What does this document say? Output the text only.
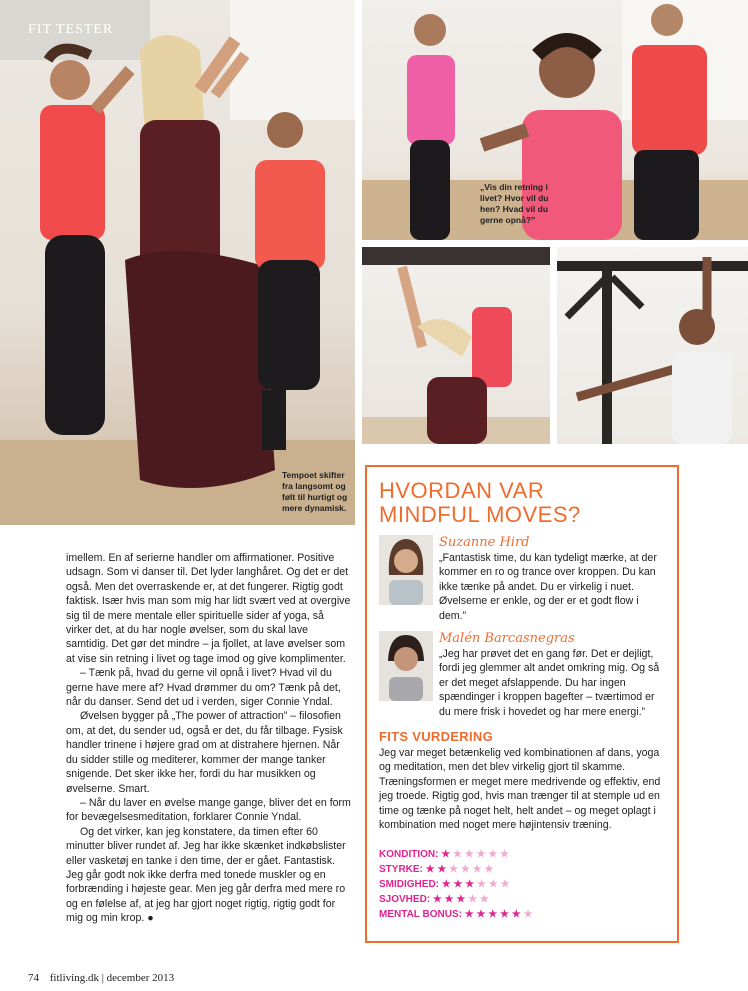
FIT TESTER
Tempoet skifter fra langsomt og følt til hurtigt og mere dynamisk.
„Vis din retning i livet? Hvor vil du hen? Hvad vil du gerne opnå?”

imellem. En af serierne handler om affirmationer. Positive udsagn. Som vi danser til. Det lyder langhåret. Og det er det også. Men det overraskende er, at det fungerer. Rigtig godt faktisk. Især hvis man som mig har lidt svært ved at overgive sig til de mere mentale eller spirituelle sider af yoga, så virker det, at du har nogle øvelser, som du skal lave samtidig. Det gør det mindre – ja fjollet, at lave øvelser som at vise sin retning i livet og tage imod og give komplimenter.

– Tænk på, hvad du gerne vil opnå i livet? Hvad vil du gerne have mere af? Hvad drømmer du om? Tænk på det, når du danser. Send det ud i verden, siger Connie Yndal.

Øvelsen bygger på „The power of attraction” – filosofien om, at det, du sender ud, også er det, du får tilbage. Fysisk handler trinene i højere grad om at distrahere hjernen. Når du sidder stille og mediterer, kommer der mange tanker snigende. Det sker ikke her, fordi du har musikken og øvelserne. Smart.

– Når du laver en øvelse mange gange, bliver det en form for bevægelsesmeditation, forklarer Connie Yndal.

Og det virker, kan jeg konstatere, da timen efter 60 minutter bliver rundet af. Jeg har ikke skænket indkøbslister eller vasketøj en tanke i den time, der er gået. Fantastisk. Jeg går godt nok ikke derfra med tonede muskler og en forbrænding i højeste gear. Men jeg går derfra med mere ro og en følelse af, at jeg har gjort noget rigtig, rigtig godt for mig og min krop. ●

HVORDAN VAR
MINDFUL MOVES?
Suzanne Hird
„Fantastisk time, du kan tydeligt mærke, at der kommer en ro og trance over kroppen. Du kan ikke tænke på andet. Du er virkelig i nuet. Øvelserne er enkle, og der er et godt flow i dem.”
Malén Barcasnegras
„Jeg har prøvet det en gang før. Det er dejligt, fordi jeg glemmer alt andet omkring mig. Og så er det meget afslappende. Du har ingen spændinger i kroppen bagefter – tværtimod er du mere frisk i hovedet og har mere energi.”
FITS VURDERING
Jeg var meget betænkelig ved kombinationen af dans, yoga og meditation, men det blev virkelig gjort til skamme. Træningsformen er meget mere medrivende og effektiv, end jeg troede. Rigtig god, hvis man trænger til at stemple ud en time og tænke på noget helt, helt andet – og meget oplagt i kombination med noget mere højintensiv træning.
KONDITION: ★ ★ ★ ★ ★ ★
STYRKE: ★ ★ ★ ★ ★ ★
SMIDIGHED: ★ ★ ★ ★ ★ ★
SJOVHED: ★ ★ ★ ★ ★
MENTAL BONUS: ★ ★ ★ ★ ★ ★
74 fitliving.dk | december 2013
